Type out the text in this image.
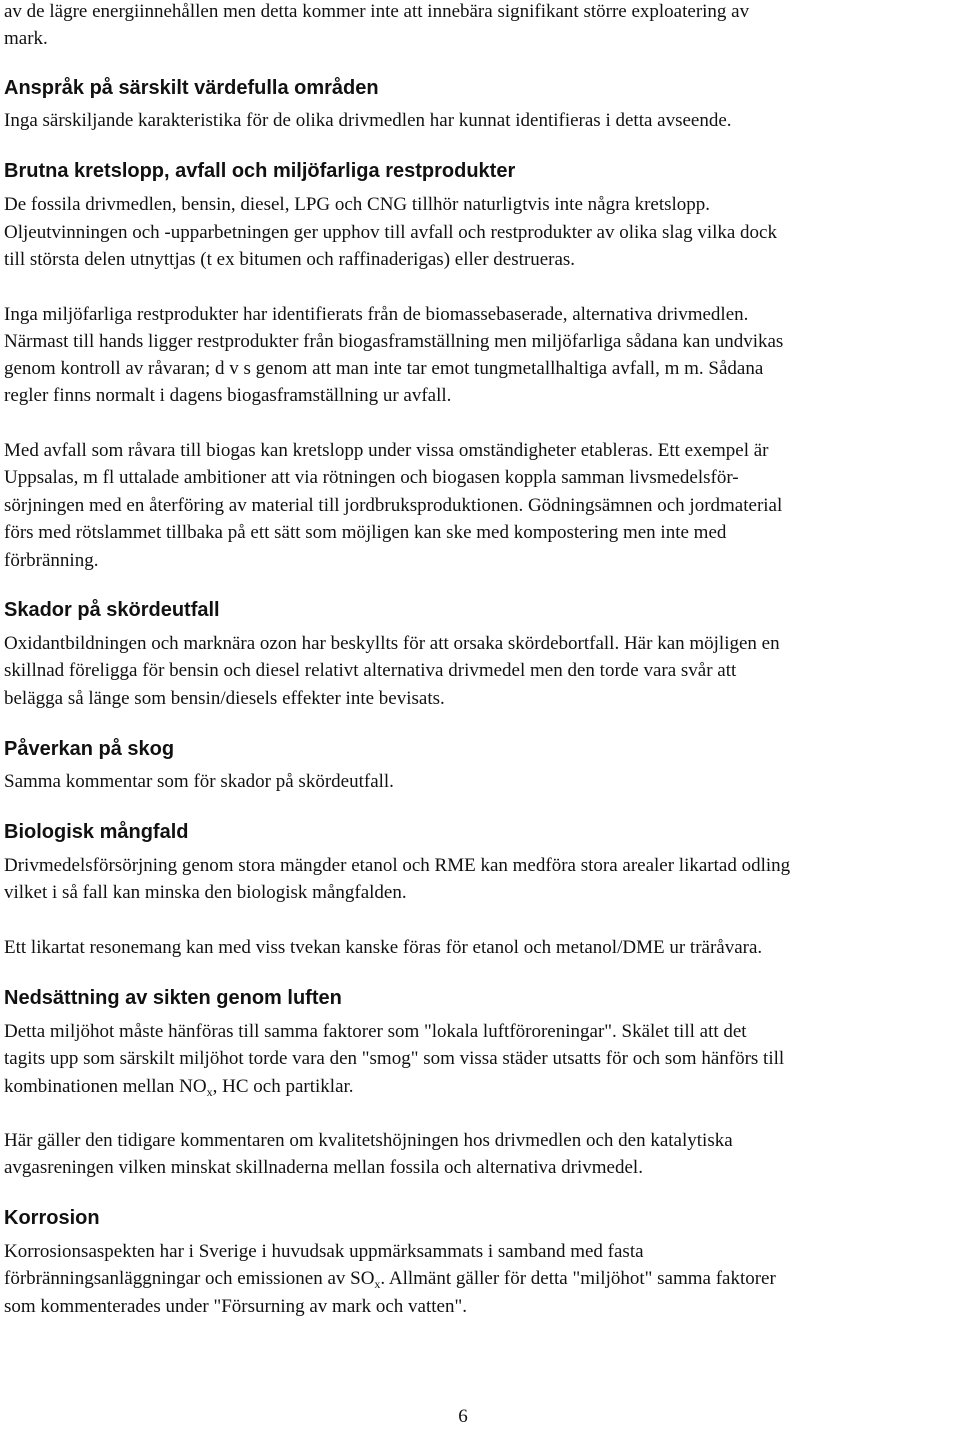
av de lägre energiinnehållen men detta kommer inte att innebära signifikant större exploatering av
mark.
Anspråk på särskilt värdefulla områden
Inga särskiljande karakteristika för de olika drivmedlen har kunnat identifieras i detta avseende.
Brutna kretslopp, avfall och miljöfarliga restprodukter
De fossila drivmedlen, bensin, diesel, LPG och CNG tillhör naturligtvis inte några kretslopp.
Oljeutvinningen och -upparbetningen ger upphov till avfall och restprodukter av olika slag vilka dock
till största delen utnyttjas (t ex bitumen och raffinaderigas) eller destrueras.
Inga miljöfarliga restprodukter har identifierats från de biomassebaserade, alternativa drivmedlen.
Närmast till hands ligger restprodukter från biogasframställning men miljöfarliga sådana kan undvikas
genom kontroll av råvaran; d v s genom att man inte tar emot tungmetallhaltiga avfall, m m. Sådana
regler finns normalt i dagens biogasframställning ur avfall.
Med avfall som råvara till biogas kan kretslopp under vissa omständigheter etableras. Ett exempel är
Uppsalas, m fl uttalade ambitioner att via rötningen och biogasen koppla samman livsmedelsför-
sörjningen med en återföring av material till jordbruksproduktionen. Gödningsämnen och jordmaterial
förs med rötslammet tillbaka på ett sätt som möjligen kan ske med kompostering men inte med
förbränning.
Skador på skördeutfall
Oxidantbildningen och marknära ozon har beskyllts för att orsaka skördebortfall. Här kan möjligen en
skillnad föreligga för bensin och diesel relativt alternativa drivmedel men den torde vara svår att
belägga så länge som bensin/diesels effekter inte bevisats.
Påverkan på skog
Samma kommentar som för skador på skördeutfall.
Biologisk mångfald
Drivmedelsförsörjning genom stora mängder etanol och RME kan medföra stora arealer likartad odling
vilket i så fall kan minska den biologisk mångfalden.
Ett likartat resonemang kan med viss tvekan kanske föras för etanol och metanol/DME ur träråvara.
Nedsättning av sikten genom luften
Detta miljöhot måste hänföras till samma faktorer som "lokala luftföroreningar". Skälet till att det
tagits upp som särskilt miljöhot torde vara den "smog" som vissa städer utsatts för och som hänförs till
kombinationen mellan $NO_x$, HC och partiklar.
Här gäller den tidigare kommentaren om kvalitetshöjningen hos drivmedlen och den katalytiska
avgasreningen vilken minskat skillnaderna mellan fossila och alternativa drivmedel.
Korrosion
Korrosionsaspekten har i Sverige i huvudsak uppmärksammats i samband med fasta
förbränningsanläggningar och emissionen av $SO_x$. Allmänt gäller för detta "miljöhot" samma faktorer
som kommenterades under "Försurning av mark och vatten".
6
